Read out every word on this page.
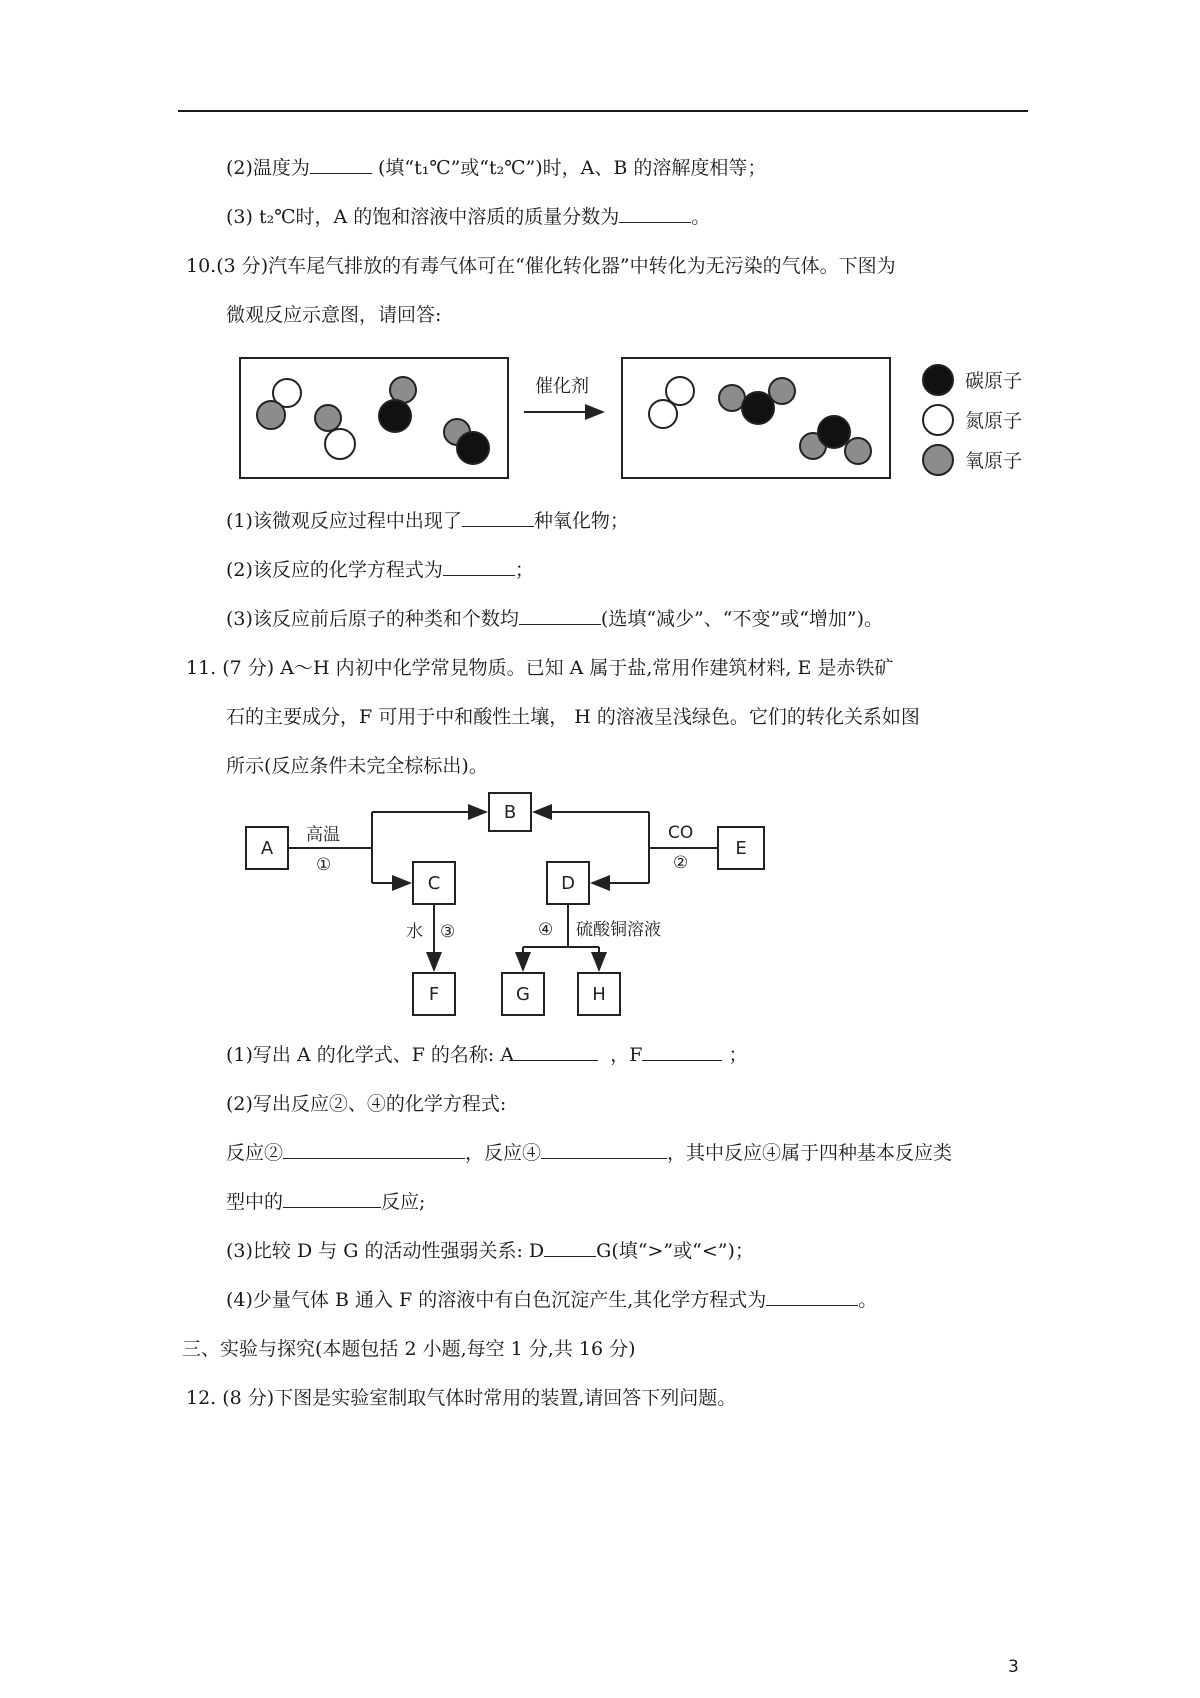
(2)温度为	(填“t₁℃”或“t₂℃”)时，A、B 的溶解度相等；
(3) t₂℃时，A 的饱和溶液中溶质的质量分数为	。
10.(3 分)汽车尾气排放的有毒气体可在“催化转化器”中转化为无污染的气体。下图为
微观反应示意图，请回答:
催化剂	碳原子
氮原子
氧原子
(1)该微观反应过程中出现了	种氧化物；
(2)该反应的化学方程式为	；
(3)该反应前后原子的种类和个数均	(选填“减少”、“不变”或“增加”)。
11. (7 分) A～H 内初中化学常見物质。已知 A 属于盐,常用作建筑材料, E 是赤铁矿
石的主要成分，F 可用于中和酸性土壤， H 的溶液呈浅绿色。它们的转化关系如图
所示(反应条件未完全棕标出)。
A
B
C	D
E
F	G	H
高温
①
CO
②
水 ③	④ 硫酸铜溶液
(1)写出 A 的化学式、F 的名称: A	，F	；
(2)写出反应②、④的化学方程式:
反应②	，反应④	，其中反应④属于四种基本反应类
型中的	反应;
(3)比较 D 与 G 的活动性强弱关系: D	G(填“>”或“<”)；
(4)少量气体 B 通入 F 的溶液中有白色沉淀产生,其化学方程式为	。
三、实验与探究(本题包括 2 小题,每空 1 分,共 16 分)
12. (8 分)下图是实验室制取气体时常用的装置,请回答下列问题。
3
